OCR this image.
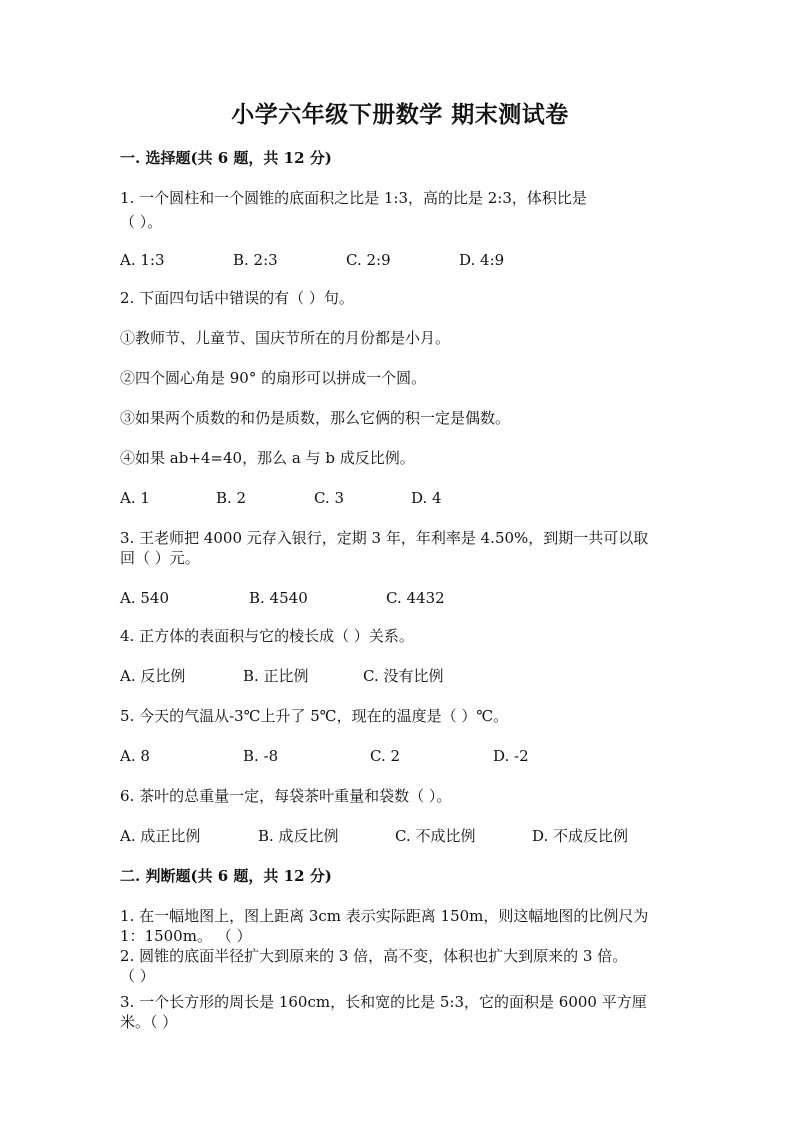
小学六年级下册数学 期末测试卷
一. 选择题(共 6 题，共 12 分)
1. 一个圆柱和一个圆锥的底面积之比是 1:3，高的比是 2:3，体积比是
（ ）。
A. 1:3	B. 2:3	C. 2:9	D. 4:9
2. 下面四句话中错误的有（ ）句。
①教师节、儿童节、国庆节所在的月份都是小月。
②四个圆心角是 90° 的扇形可以拼成一个圆。
③如果两个质数的和仍是质数，那么它俩的积一定是偶数。
④如果 ab+4=40，那么 a 与 b 成反比例。
A. 1	B. 2	C. 3	D. 4
3. 王老师把 4000 元存入银行，定期 3 年，年利率是 4.50%，到期一共可以取
回（ ）元。
A. 540	B. 4540	C. 4432
4. 正方体的表面积与它的棱长成（ ）关系。
A. 反比例	B. 正比例	C. 没有比例
5. 今天的气温从-3℃上升了 5℃，现在的温度是（ ）℃。
A. 8	B. -8	C. 2	D. -2
6. 茶叶的总重量一定，每袋茶叶重量和袋数（ ）。
A. 成正比例	B. 成反比例	C. 不成比例	D. 不成反比例
二. 判断题(共 6 题，共 12 分)
1. 在一幅地图上，图上距离 3cm 表示实际距离 150m，则这幅地图的比例尺为
1：1500m。 （ ）
2. 圆锥的底面半径扩大到原来的 3 倍，高不变，体积也扩大到原来的 3 倍。
（ ）
3. 一个长方形的周长是 160cm，长和宽的比是 5:3，它的面积是 6000 平方厘
米。（ ）
